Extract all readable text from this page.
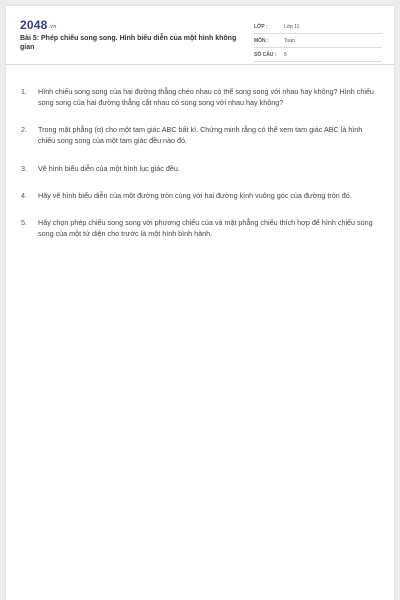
2048.vn
Bài 5: Phép chiếu song song. Hình biểu diễn của một hình không gian
LỚP :	Lớp 11
MÔN :	Toán
SỐ CÂU : 5
1. Hình chiếu song song của hai đường thẳng chéo nhau có thể song song với nhau hay không? Hình chiếu song song của hai đường thẳng cắt nhau có song song với nhau hay không?
2. Trong mặt phẳng (α) cho một tam giác ABC bất kì. Chứng minh rằng có thể xem tam giác ABC là hình chiếu song song của một tam giác đều nào đó.
3. Vẽ hình biểu diễn của một hình lục giác đều.
4. Hãy vẽ hình biểu diễn của một đường tròn cùng với hai đường kính vuông góc của đường tròn đó.
5. Hãy chọn phép chiếu song song với phương chiếu của và mặt phẳng chiếu thích hợp để hình chiếu song song của một tứ diện cho trước là một hình bình hành.
